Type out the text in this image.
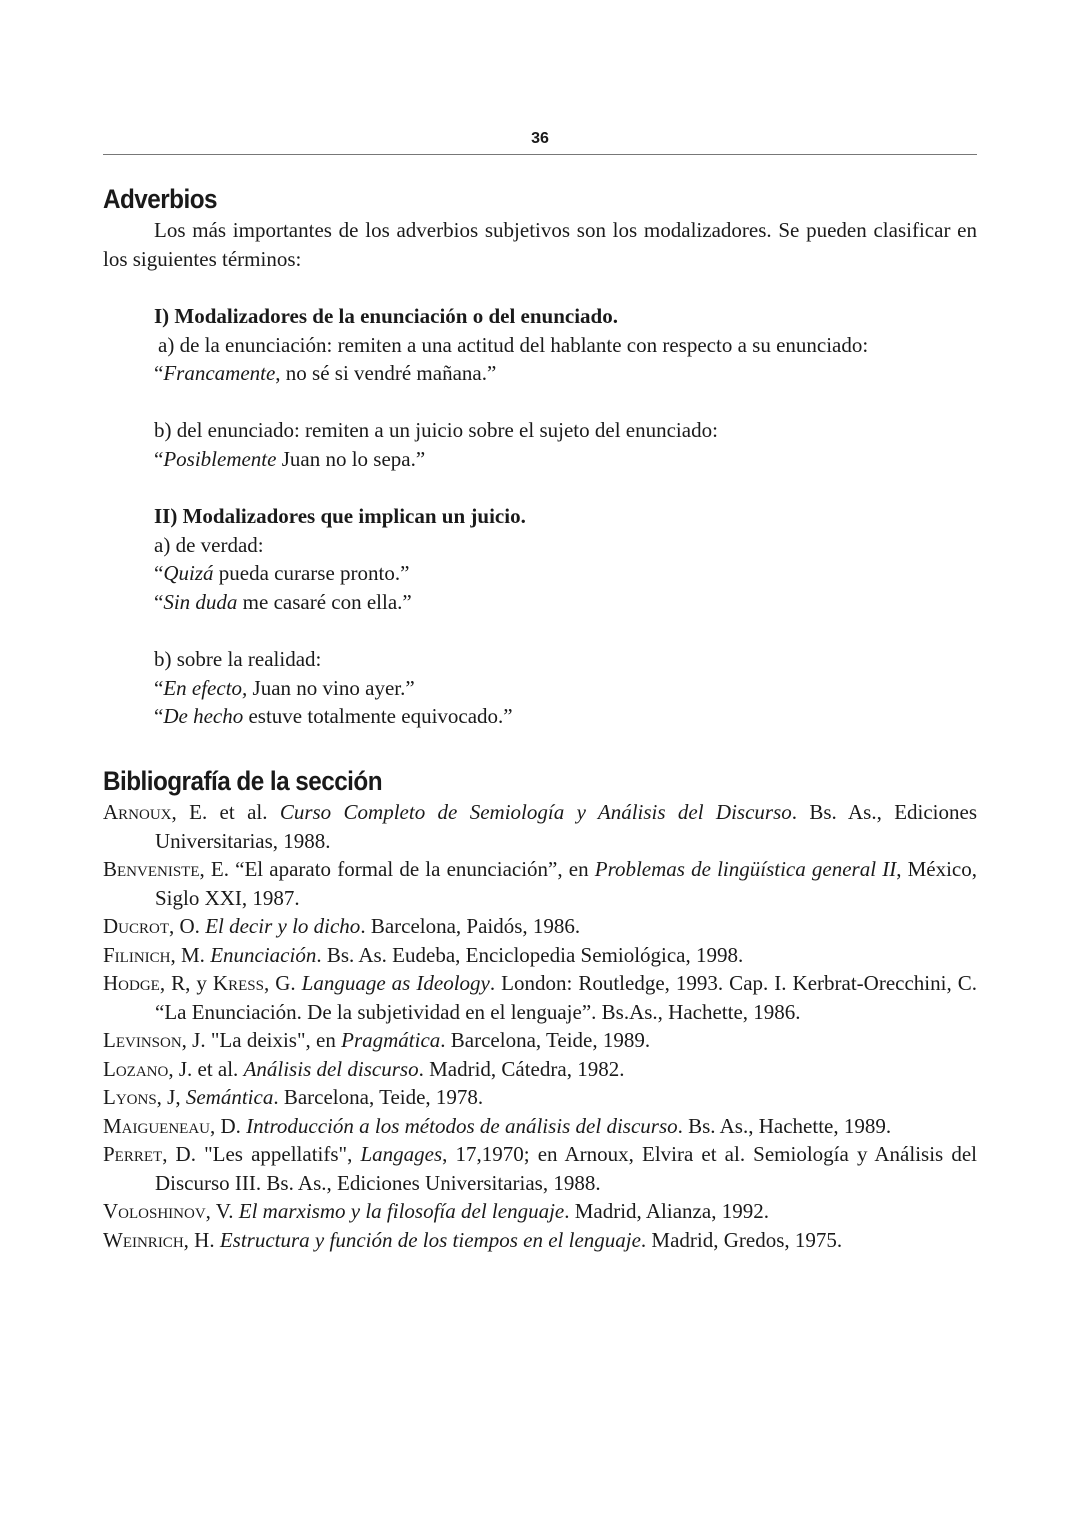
36
Adverbios

Los más importantes de los adverbios subjetivos son los modalizadores. Se pueden clasificar en los siguientes términos:

I) Modalizadores de la enunciación o del enunciado.
a) de la enunciación: remiten a una actitud del hablante con respecto a su enunciado:
“Francamente, no sé si vendré mañana.”
b) del enunciado: remiten a un juicio sobre el sujeto del enunciado:
“Posiblemente Juan no lo sepa.”
II) Modalizadores que implican un juicio.
a) de verdad:
“Quizá pueda curarse pronto.”
“Sin duda me casaré con ella.”
b) sobre la realidad:
“En efecto, Juan no vino ayer.”
“De hecho estuve totalmente equivocado.”
Bibliografía de la sección
Arnoux, E. et al. Curso Completo de Semiología y Análisis del Discurso. Bs. As., Ediciones Universitarias, 1988.
Benveniste, E. “El aparato formal de la enunciación”, en Problemas de lingüística general II, México, Siglo XXI, 1987.
Ducrot, O. El decir y lo dicho. Barcelona, Paidós, 1986.
Filinich, M. Enunciación. Bs. As. Eudeba, Enciclopedia Semiológica, 1998.
Hodge, R, y Kress, G. Language as Ideology. London: Routledge, 1993. Cap. I. Kerbrat-Orecchini, C. “La Enunciación. De la subjetividad en el lenguaje”. Bs.As., Hachette, 1986.
Levinson, J. "La deixis", en Pragmática. Barcelona, Teide, 1989.
Lozano, J. et al. Análisis del discurso. Madrid, Cátedra, 1982.
Lyons, J, Semántica. Barcelona, Teide, 1978.
Maigueneau, D. Introducción a los métodos de análisis del discurso. Bs. As., Hachette, 1989.
Perret, D. "Les appellatifs", Langages, 17,1970; en Arnoux, Elvira et al. Semiología y Análisis del Discurso III. Bs. As., Ediciones Universitarias, 1988.
Voloshinov, V. El marxismo y la filosofía del lenguaje. Madrid, Alianza, 1992.
Weinrich, H. Estructura y función de los tiempos en el lenguaje. Madrid, Gredos, 1975.
